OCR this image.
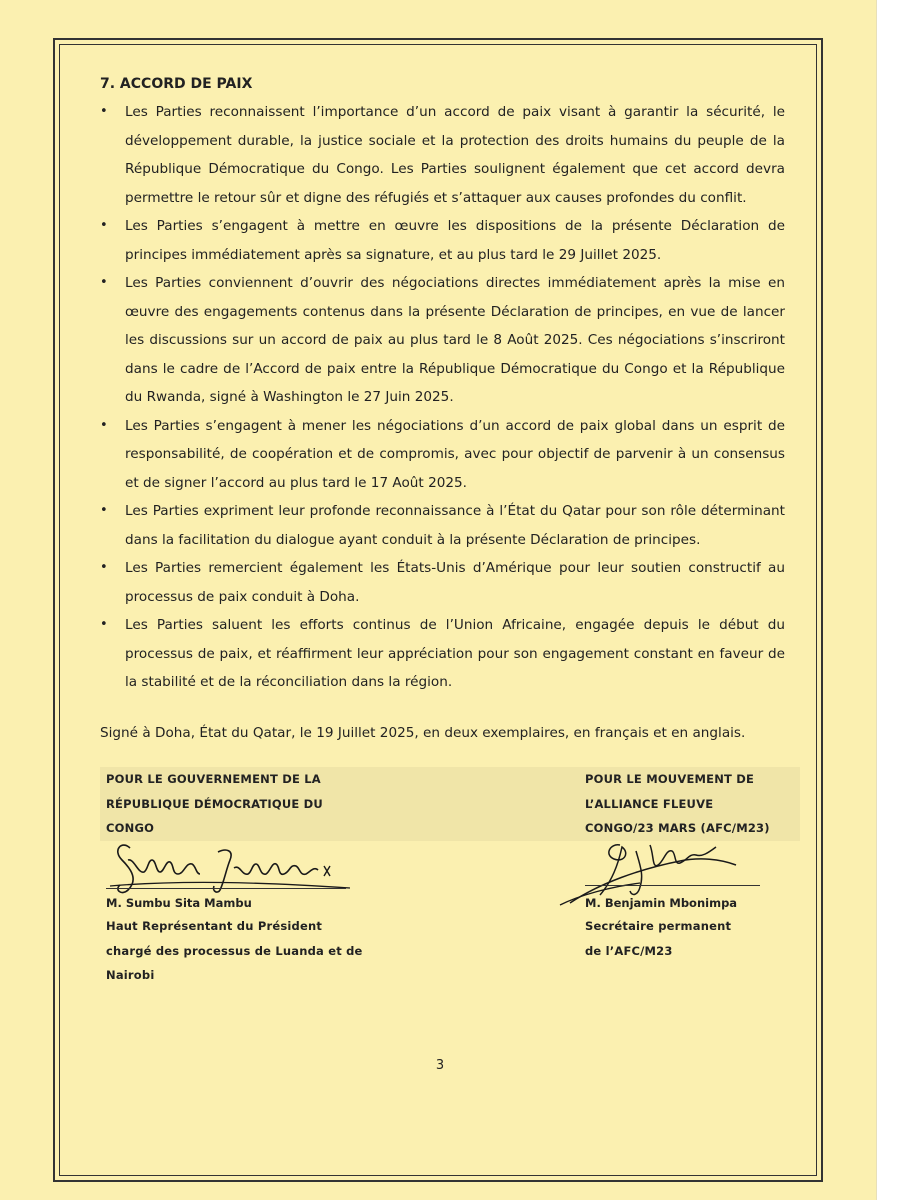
7. ACCORD DE PAIX

• Les Parties reconnaissent l’importance d’un accord de paix visant à garantir la sécurité, le développement durable, la justice sociale et la protection des droits humains du peuple de la République Démocratique du Congo. Les Parties soulignent également que cet accord devra permettre le retour sûr et digne des réfugiés et s’attaquer aux causes profondes du conflit.
• Les Parties s’engagent à mettre en œuvre les dispositions de la présente Déclaration de principes immédiatement après sa signature, et au plus tard le 29 Juillet 2025.
• Les Parties conviennent d’ouvrir des négociations directes immédiatement après la mise en œuvre des engagements contenus dans la présente Déclaration de principes, en vue de lancer les discussions sur un accord de paix au plus tard le 8 Août 2025. Ces négociations s’inscriront dans le cadre de l’Accord de paix entre la République Démocratique du Congo et la République du Rwanda, signé à Washington le 27 Juin 2025.
• Les Parties s’engagent à mener les négociations d’un accord de paix global dans un esprit de responsabilité, de coopération et de compromis, avec pour objectif de parvenir à un consensus et de signer l’accord au plus tard le 17 Août 2025.
• Les Parties expriment leur profonde reconnaissance à l’État du Qatar pour son rôle déterminant dans la facilitation du dialogue ayant conduit à la présente Déclaration de principes.
• Les Parties remercient également les États-Unis d’Amérique pour leur soutien constructif au processus de paix conduit à Doha.
• Les Parties saluent les efforts continus de l’Union Africaine, engagée depuis le début du processus de paix, et réaffirment leur appréciation pour son engagement constant en faveur de la stabilité et de la réconciliation dans la région.

Signé à Doha, État du Qatar, le 19 Juillet 2025, en deux exemplaires, en français et en anglais.

POUR LE GOUVERNEMENT DE LA
RÉPUBLIQUE DÉMOCRATIQUE DU
CONGO
M. Sumbu Sita Mambu
Haut Représentant du Président
chargé des processus de Luanda et de
Nairobi
POUR LE MOUVEMENT DE
L’ALLIANCE FLEUVE
CONGO/23 MARS (AFC/M23)
M. Benjamin Mbonimpa
Secrétaire permanent
de l’AFC/M23
3
